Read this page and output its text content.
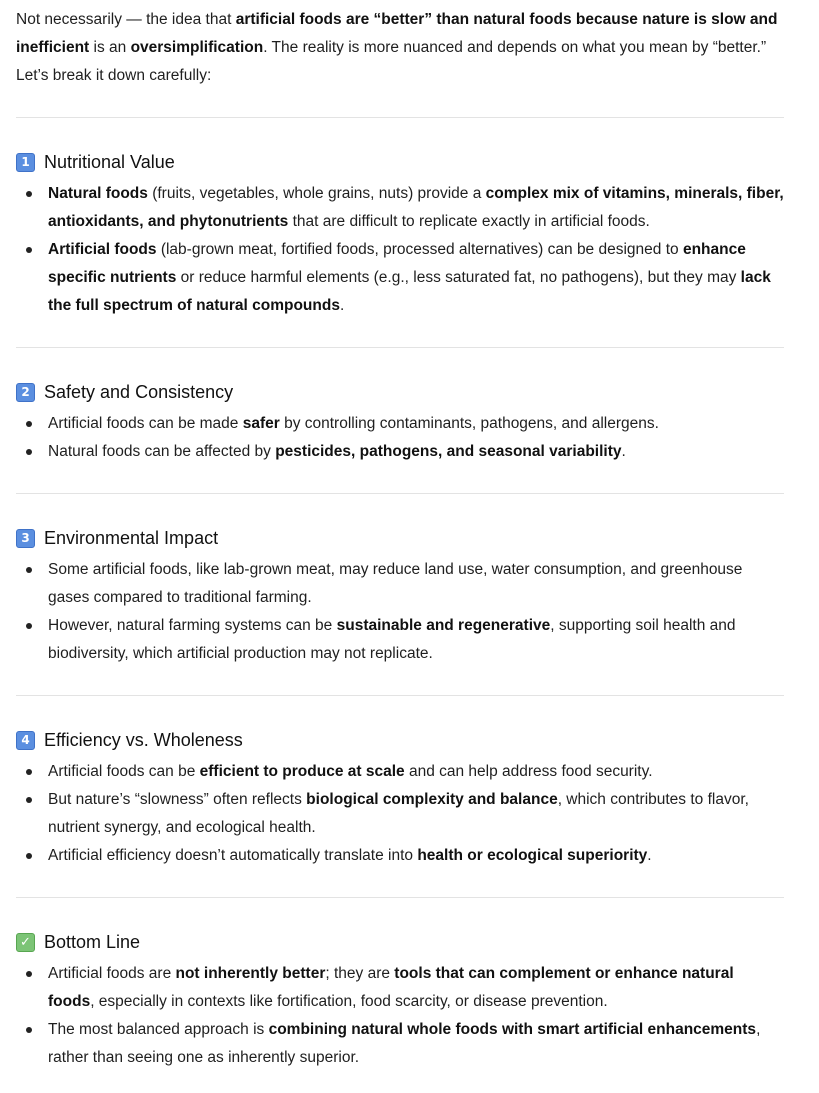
Not necessarily — the idea that artificial foods are “better” than natural foods because nature is slow and inefficient is an oversimplification. The reality is more nuanced and depends on what you mean by “better.” Let’s break it down carefully:

1 Nutritional Value
Natural foods (fruits, vegetables, whole grains, nuts) provide a complex mix of vitamins, minerals, fiber, antioxidants, and phytonutrients that are difficult to replicate exactly in artificial foods.
Artificial foods (lab-grown meat, fortified foods, processed alternatives) can be designed to enhance specific nutrients or reduce harmful elements (e.g., less saturated fat, no pathogens), but they may lack the full spectrum of natural compounds.
2 Safety and Consistency
Artificial foods can be made safer by controlling contaminants, pathogens, and allergens.
Natural foods can be affected by pesticides, pathogens, and seasonal variability.
3 Environmental Impact
Some artificial foods, like lab-grown meat, may reduce land use, water consumption, and greenhouse gases compared to traditional farming.
However, natural farming systems can be sustainable and regenerative, supporting soil health and biodiversity, which artificial production may not replicate.
4 Efficiency vs. Wholeness
Artificial foods can be efficient to produce at scale and can help address food security.
But nature’s “slowness” often reflects biological complexity and balance, which contributes to flavor, nutrient synergy, and ecological health.
Artificial efficiency doesn’t automatically translate into health or ecological superiority.
✓ Bottom Line
Artificial foods are not inherently better; they are tools that can complement or enhance natural foods, especially in contexts like fortification, food scarcity, or disease prevention.
The most balanced approach is combining natural whole foods with smart artificial enhancements, rather than seeing one as inherently superior.
